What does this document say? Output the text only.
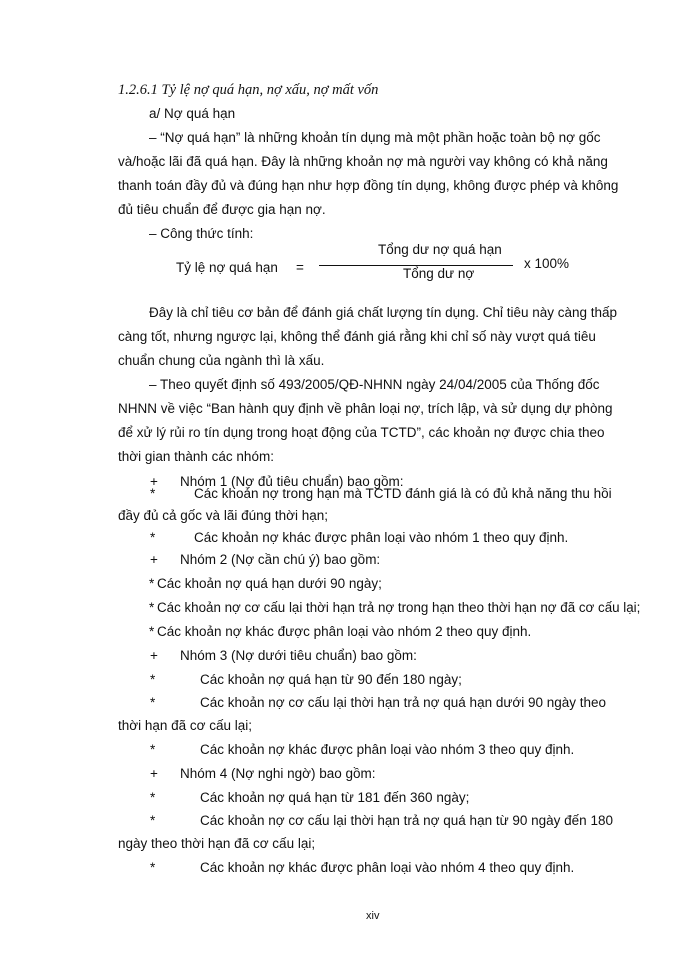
1.2.6.1 Tỷ lệ nợ quá hạn, nợ xấu, nợ mất vốn
a/ Nợ quá hạn
– “Nợ quá hạn” là những khoản tín dụng mà một phần hoặc toàn bộ nợ gốc
và/hoặc lãi đã quá hạn. Đây là những khoản nợ mà người vay không có khả năng
thanh toán đầy đủ và đúng hạn như hợp đồng tín dụng, không được phép và không
đủ tiêu chuẩn để được gia hạn nợ.
– Công thức tính:
Tổng dư nợ quá hạn
Tỷ lệ nợ quá hạn =	x 100%
Tổng dư nợ
Đây là chỉ tiêu cơ bản để đánh giá chất lượng tín dụng. Chỉ tiêu này càng thấp
càng tốt, nhưng ngược lại, không thể đánh giá rằng khi chỉ số này vượt quá tiêu
chuẩn chung của ngành thì là xấu.
– Theo quyết định số 493/2005/QĐ-NHNN ngày 24/04/2005 của Thống đốc
NHNN về việc “Ban hành quy định về phân loại nợ, trích lập, và sử dụng dự phòng
để xử lý rủi ro tín dụng trong hoạt động của TCTD”, các khoản nợ được chia theo
thời gian thành các nhóm:
+ Nhóm 1 (Nợ đủ tiêu chuẩn) bao gồm:
*	Các khoản nợ trong hạn mà TCTD đánh giá là có đủ khả năng thu hồi
đầy đủ cả gốc và lãi đúng thời hạn;
*	Các khoản nợ khác được phân loại vào nhóm 1 theo quy định.
+ Nhóm 2 (Nợ cần chú ý) bao gồm:
* Các khoản nợ quá hạn dưới 90 ngày;
* Các khoản nợ cơ cấu lại thời hạn trả nợ trong hạn theo thời hạn nợ đã cơ cấu lại;
* Các khoản nợ khác được phân loại vào nhóm 2 theo quy định.
+ Nhóm 3 (Nợ dưới tiêu chuẩn) bao gồm:
*	Các khoản nợ quá hạn từ 90 đến 180 ngày;
*	Các khoản nợ cơ cấu lại thời hạn trả nợ quá hạn dưới 90 ngày theo
thời hạn đã cơ cấu lại;
*	Các khoản nợ khác được phân loại vào nhóm 3 theo quy định.
+ Nhóm 4 (Nợ nghi ngờ) bao gồm:
*	Các khoản nợ quá hạn từ 181 đến 360 ngày;
*	Các khoản nợ cơ cấu lại thời hạn trả nợ quá hạn từ 90 ngày đến 180
ngày theo thời hạn đã cơ cấu lại;
*	Các khoản nợ khác được phân loại vào nhóm 4 theo quy định.
xiv
